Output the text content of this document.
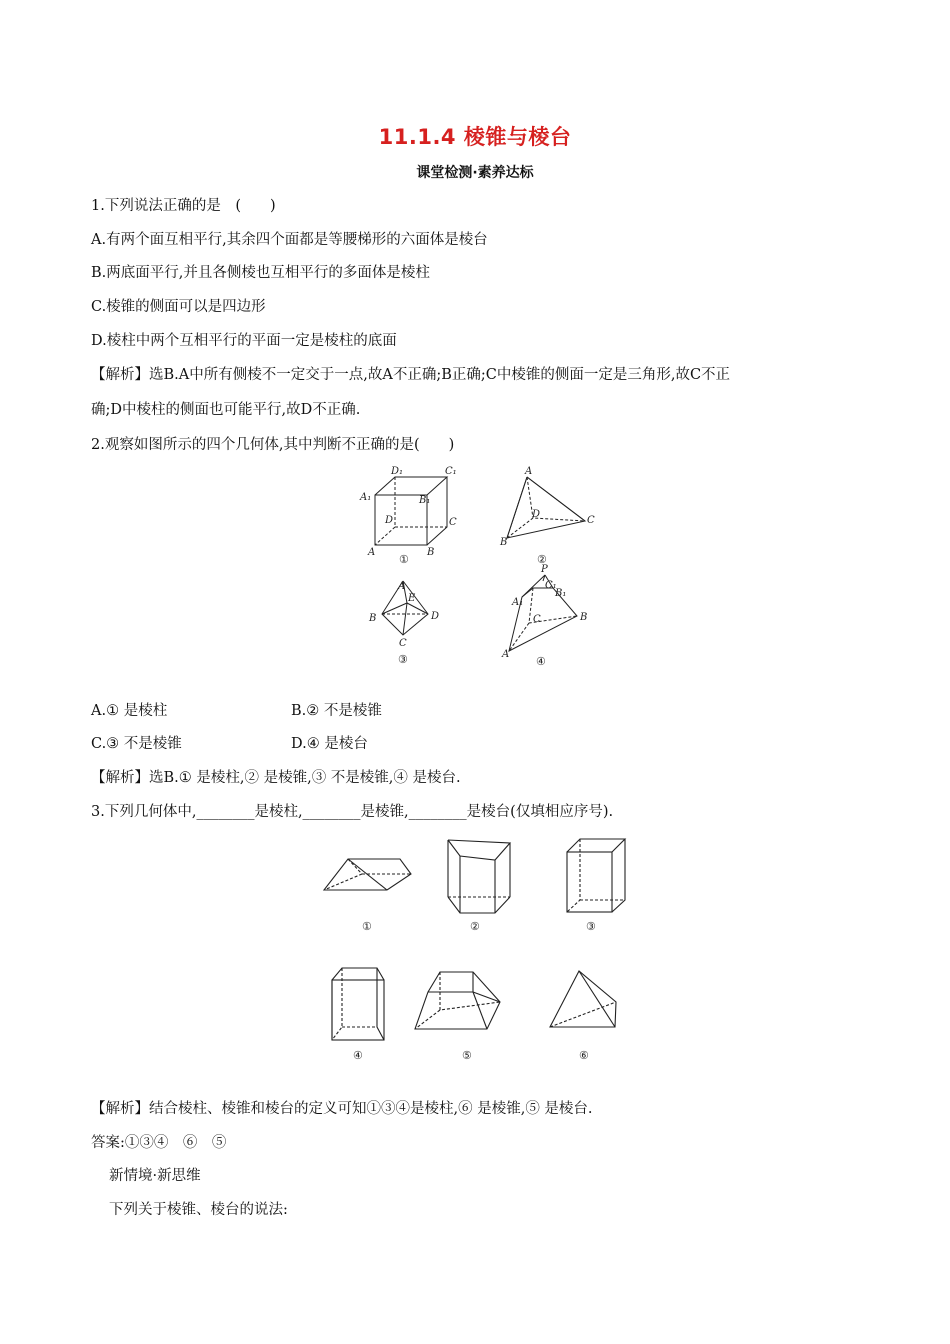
11.1.4 棱锥与棱台
课堂检测·素养达标
1.下列说法正确的是　(　　)
A.有两个面互相平行,其余四个面都是等腰梯形的六面体是棱台
B.两底面平行,并且各侧棱也互相平行的多面体是棱柱
C.棱锥的侧面可以是四边形
D.棱柱中两个互相平行的平面一定是棱柱的底面
【解析】选B.A中所有侧棱不一定交于一点,故A不正确;B正确;C中棱锥的侧面一定是三角形,故C不正
确;D中棱柱的侧面也可能平行,故D不正确.
2.观察如图所示的四个几何体,其中判断不正确的是(　　)
D₁	C₁
A₁	B₁
D	C
A	B
①
A
D
C
B
②
A
E
B	D
C
③
P
C₁
A₁
B₁
C	B
A
④
A.① 是棱柱	B.② 不是棱锥
C.③ 不是棱锥	D.④ 是棱台
【解析】选B.① 是棱柱,② 是棱锥,③ 不是棱锥,④ 是棱台.
3.下列几何体中,________是棱柱,________是棱锥,________是棱台(仅填相应序号).
①	②	③
④	⑤	⑥
【解析】结合棱柱、棱锥和棱台的定义可知①③④是棱柱,⑥ 是棱锥,⑤ 是棱台.
答案:①③④　⑥　⑤
新情境·新思维
下列关于棱锥、棱台的说法:
